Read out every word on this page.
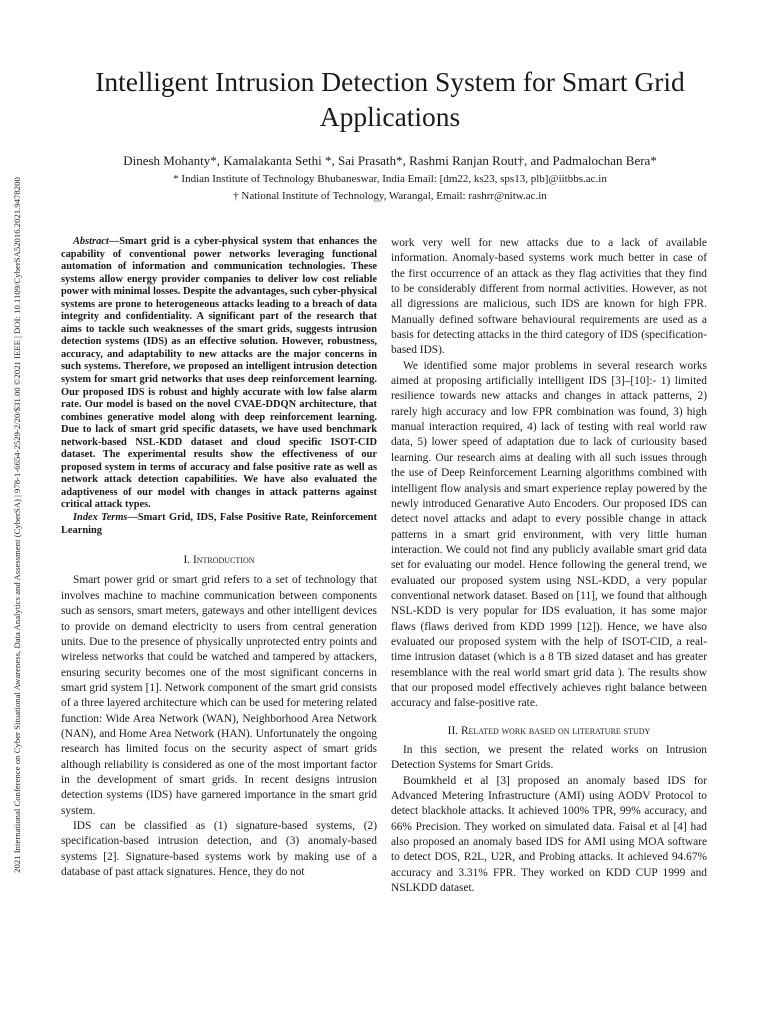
2021 International Conference on Cyber Situational Awareness, Data Analytics and Assessment (CyberSA) | 978-1-6654-2529-2/20/$31.00 ©2021 IEEE | DOI: 10.1109/CyberSA52016.2021.9478200
Intelligent Intrusion Detection System for Smart Grid Applications
Dinesh Mohanty*, Kamalakanta Sethi *, Sai Prasath*, Rashmi Ranjan Rout†, and Padmalochan Bera*
* Indian Institute of Technology Bhubaneswar, India Email: [dm22, ks23, sps13, plb]@iitbbs.ac.in
† National Institute of Technology, Warangal, Email: rashrr@nitw.ac.in

Abstract—Smart grid is a cyber-physical system that enhances the capability of conventional power networks leveraging functional automation of information and communication technologies. These systems allow energy provider companies to deliver low cost reliable power with minimal losses. Despite the advantages, such cyber-physical systems are prone to heterogeneous attacks leading to a breach of data integrity and confidentiality. A significant part of the research that aims to tackle such weaknesses of the smart grids, suggests intrusion detection systems (IDS) as an effective solution. However, robustness, accuracy, and adaptability to new attacks are the major concerns in such systems. Therefore, we proposed an intelligent intrusion detection system for smart grid networks that uses deep reinforcement learning. Our proposed IDS is robust and highly accurate with low false alarm rate. Our model is based on the novel CVAE-DDQN architecture, that combines generative model along with deep reinforcement learning. Due to lack of smart grid specific datasets, we have used benchmark network-based NSL-KDD dataset and cloud specific ISOT-CID dataset. The experimental results show the effectiveness of our proposed system in terms of accuracy and false positive rate as well as network attack detection capabilities. We have also evaluated the adaptiveness of our model with changes in attack patterns against critical attack types.

Index Terms—Smart Grid, IDS, False Positive Rate, Reinforcement Learning

I. Introduction

Smart power grid or smart grid refers to a set of technology that involves machine to machine communication between components such as sensors, smart meters, gateways and other intelligent devices to provide on demand electricity to users from central generation units. Due to the presence of physically unprotected entry points and wireless networks that could be watched and tampered by attackers, ensuring security becomes one of the most significant concerns in smart grid system [1]. Network component of the smart grid consists of a three layered architecture which can be used for metering related function: Wide Area Network (WAN), Neighborhood Area Network (NAN), and Home Area Network (HAN). Unfortunately the ongoing research has limited focus on the security aspect of smart grids although reliability is considered as one of the most important factor in the development of smart grids. In recent designs intrusion detection systems (IDS) have garnered importance in the smart grid system.

IDS can be classified as (1) signature-based systems, (2) specification-based intrusion detection, and (3) anomaly-based systems [2]. Signature-based systems work by making use of a database of past attack signatures. Hence, they do not

work very well for new attacks due to a lack of available information. Anomaly-based systems work much better in case of the first occurrence of an attack as they flag activities that they find to be considerably different from normal activities. However, as not all digressions are malicious, such IDS are known for high FPR. Manually defined software behavioural requirements are used as a basis for detecting attacks in the third category of IDS (specification-based IDS).

We identified some major problems in several research works aimed at proposing artificially intelligent IDS [3]–[10]:- 1) limited resilience towards new attacks and changes in attack patterns, 2) rarely high accuracy and low FPR combination was found, 3) high manual interaction required, 4) lack of testing with real world raw data, 5) lower speed of adaptation due to lack of curiousity based learning. Our research aims at dealing with all such issues through the use of Deep Reinforcement Learning algorithms combined with intelligent flow analysis and smart experience replay powered by the newly introduced Genarative Auto Encoders. Our proposed IDS can detect novel attacks and adapt to every possible change in attack patterns in a smart grid environment, with very little human interaction. We could not find any publicly available smart grid data set for evaluating our model. Hence following the general trend, we evaluated our proposed system using NSL-KDD, a very popular conventional network dataset. Based on [11], we found that although NSL-KDD is very popular for IDS evaluation, it has some major flaws (flaws derived from KDD 1999 [12]). Hence, we have also evaluated our proposed system with the help of ISOT-CID, a real-time intrusion dataset (which is a 8 TB sized dataset and has greater resemblance with the real world smart grid data ). The results show that our proposed model effectively achieves right balance between accuracy and false-positive rate.

II. Related work based on literature study

In this section, we present the related works on Intrusion Detection Systems for Smart Grids.

Boumkheld et al [3] proposed an anomaly based IDS for Advanced Metering Infrastructure (AMI) using AODV Protocol to detect blackhole attacks. It achieved 100% TPR, 99% accuracy, and 66% Precision. They worked on simulated data. Faisal et al [4] had also proposed an anomaly based IDS for AMI using MOA software to detect DOS, R2L, U2R, and Probing attacks. It achieved 94.67% accuracy and 3.31% FPR. They worked on KDD CUP 1999 and NSLKDD dataset.
